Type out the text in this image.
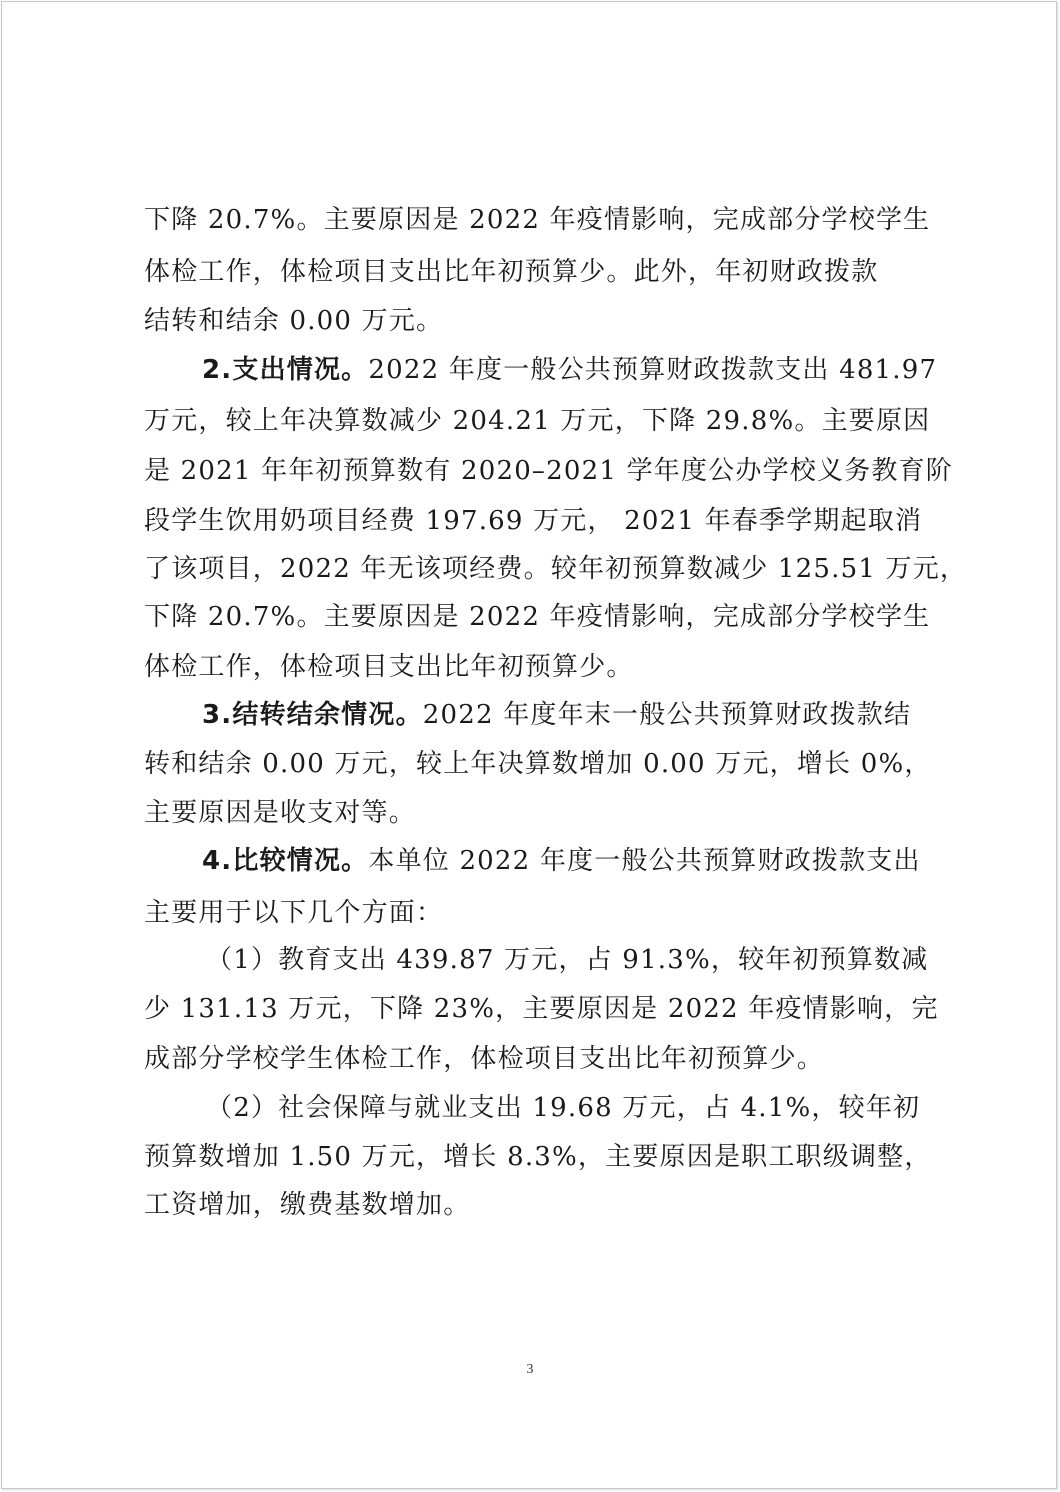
下降 20.7%。主要原因是 2022 年疫情影响，完成部分学校学生
体检工作，体检项目支出比年初预算少。此外，年初财政拨款
结转和结余 0.00 万元。
2.支出情况。2022 年度一般公共预算财政拨款支出 481.97
万元，较上年决算数减少 204.21 万元，下降 29.8%。主要原因
是 2021 年年初预算数有 2020–2021 学年度公办学校义务教育阶
段学生饮用奶项目经费 197.69 万元， 2021 年春季学期起取消
了该项目，2022 年无该项经费。较年初预算数减少 125.51 万元，
下降 20.7%。主要原因是 2022 年疫情影响，完成部分学校学生
体检工作，体检项目支出比年初预算少。
3.结转结余情况。2022 年度年末一般公共预算财政拨款结
转和结余 0.00 万元，较上年决算数增加 0.00 万元，增长 0%，
主要原因是收支对等。
4.比较情况。本单位 2022 年度一般公共预算财政拨款支出
主要用于以下几个方面：
（1）教育支出 439.87 万元，占 91.3%，较年初预算数减
少 131.13 万元，下降 23%，主要原因是 2022 年疫情影响，完
成部分学校学生体检工作，体检项目支出比年初预算少。
（2）社会保障与就业支出 19.68 万元，占 4.1%，较年初
预算数增加 1.50 万元，增长 8.3%，主要原因是职工职级调整，
工资增加，缴费基数增加。
3
